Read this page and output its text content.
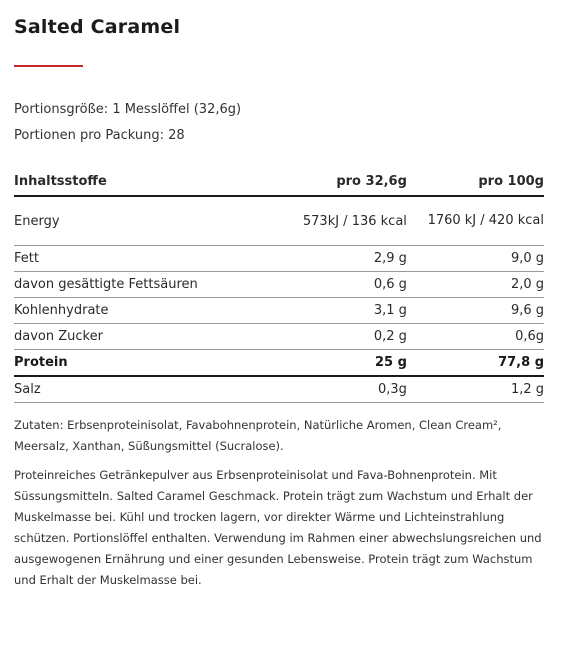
Salted Caramel
Portionsgröße: 1 Messlöffel (32,6g)
Portionen pro Packung: 28
Inhaltsstoffe	pro 32,6g	pro 100g
Energy	573kJ / 136 kcal	1760 kJ / 420 kcal
Fett	2,9 g	9,0 g
davon gesättigte Fettsäuren	0,6 g	2,0 g
Kohlenhydrate	3,1 g	9,6 g
davon Zucker	0,2 g	0,6g
Protein	25 g	77,8 g
Salz	0,3g	1,2 g

Zutaten: Erbsenproteinisolat, Favabohnenprotein, Natürliche Aromen, Clean Cream², Meersalz, Xanthan, Süßungsmittel (Sucralose).

Proteinreiches Getränkepulver aus Erbsenproteinisolat und Fava-Bohnenprotein. Mit Süssungsmitteln. Salted Caramel Geschmack. Protein trägt zum Wachstum und Erhalt der Muskelmasse bei. Kühl und trocken lagern, vor direkter Wärme und Lichteinstrahlung schützen. Portionslöffel enthalten. Verwendung im Rahmen einer abwechslungsreichen und ausgewogenen Ernährung und einer gesunden Lebensweise. Protein trägt zum Wachstum und Erhalt der Muskelmasse bei.
